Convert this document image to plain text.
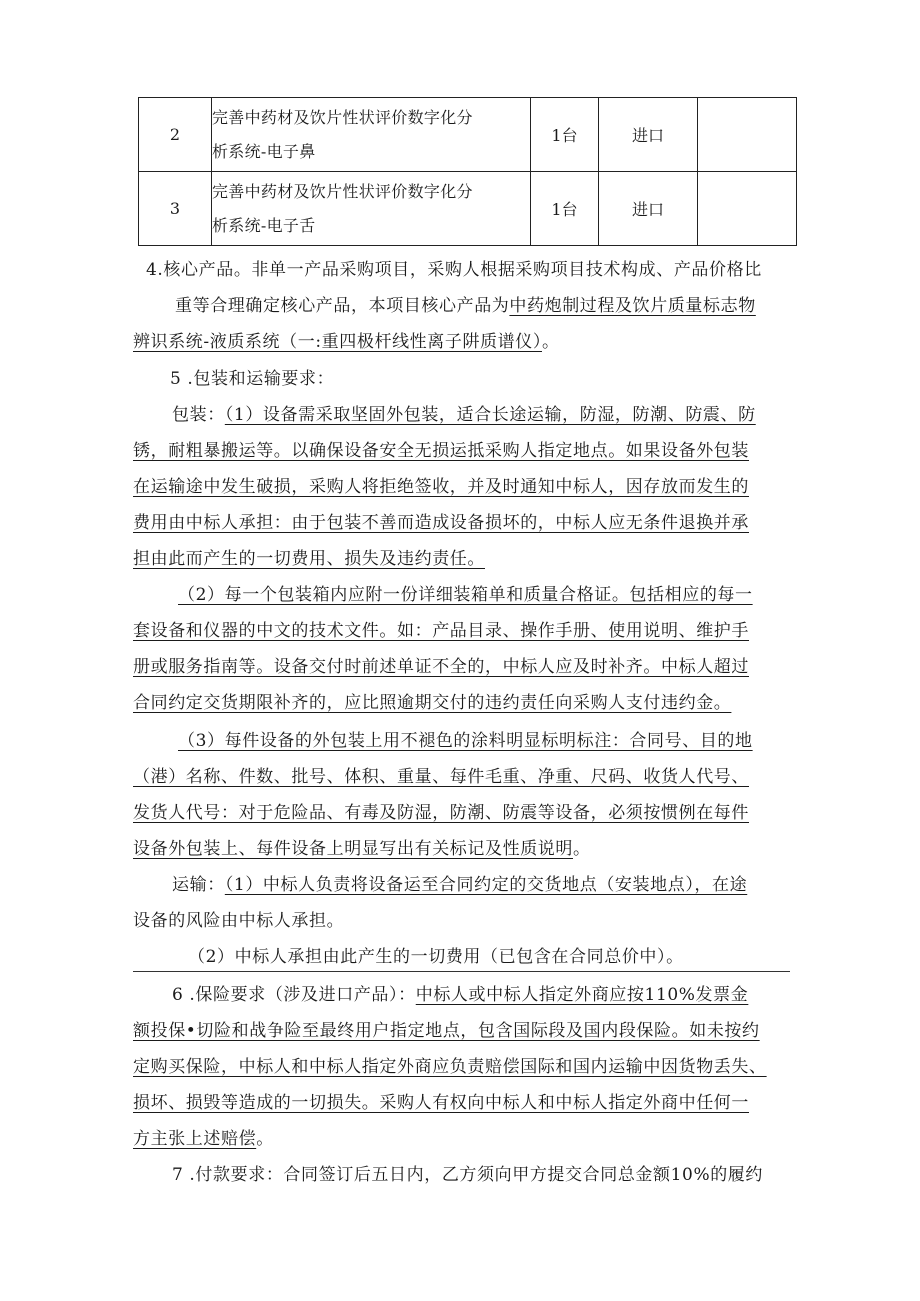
2	完善中药材及饮片性状评价数字化分
析系统-电子鼻	1台	进口	
3	完善中药材及饮片性状评价数字化分
析系统-电子舌	1台	进口	
4.核心产品。非单一产品采购项目，采购人根据采购项目技术构成、产品价格比
重等合理确定核心产品，本项目核心产品为中药炮制过程及饮片质量标志物
辨识系统-液质系统（一:重四极杆线性离子阱质谱仪）。
5 .包装和运输要求：
包装：（1）设备需采取坚固外包装，适合长途运输，防湿，防潮、防震、防
锈，耐粗暴搬运等。以确保设备安全无损运抵采购人指定地点。如果设备外包装
在运输途中发生破损，采购人将拒绝签收，并及时通知中标人，因存放而发生的
费用由中标人承担：由于包装不善而造成设备损坏的，中标人应无条件退换并承
担由此而产生的一切费用、损失及违约责任。
（2）每一个包装箱内应附一份详细装箱单和质量合格证。包括相应的每一
套设备和仪器的中文的技术文件。如：产品目录、操作手册、使用说明、维护手
册或服务指南等。设备交付时前述单证不全的，中标人应及时补齐。中标人超过
合同约定交货期限补齐的，应比照逾期交付的违约责任向采购人支付违约金。
（3）每件设备的外包装上用不褪色的涂料明显标明标注：合同号、目的地
（港）名称、件数、批号、体积、重量、每件毛重、净重、尺码、收货人代号、
发货人代号：对于危险品、有毒及防湿，防潮、防震等设备，必须按惯例在每件
设备外包装上、每件设备上明显写出有关标记及性质说明。
运输：（1）中标人负责将设备运至合同约定的交货地点（安装地点），在途
设备的风险由中标人承担。
（2）中标人承担由此产生的一切费用（已包含在合同总价中）。
6 .保险要求（涉及进口产品）：中标人或中标人指定外商应按110%发票金
额投保•切险和战争险至最终用户指定地点，包含国际段及国内段保险。如未按约
定购买保险，中标人和中标人指定外商应负责赔偿国际和国内运输中因货物丢失、
损坏、损毁等造成的一切损失。采购人有权向中标人和中标人指定外商中任何一
方主张上述赔偿。
7 .付款要求：合同签订后五日内，乙方须向甲方提交合同总金额10%的履约
